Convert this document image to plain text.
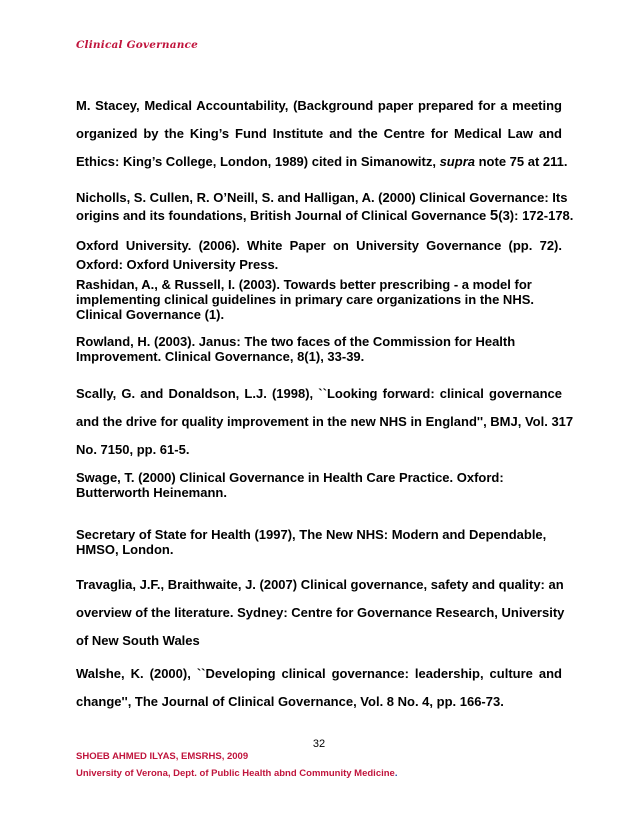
Clinical Governance
M. Stacey, Medical Accountability, (Background paper prepared for a meeting
organized by the King’s Fund Institute and the Centre for Medical Law and
Ethics: King’s College, London, 1989) cited in Simanowitz, supra note 75 at 211.
Nicholls, S. Cullen, R. O’Neill, S. and Halligan, A. (2000) Clinical Governance: Its
origins and its foundations, British Journal of Clinical Governance 5(3): 172-178.
Oxford University. (2006). White Paper on University Governance (pp. 72).
Oxford: Oxford University Press.
Rashidan, A., & Russell, I. (2003). Towards better prescribing - a model for
implementing clinical guidelines in primary care organizations in the NHS.
Clinical Governance (1).
Rowland, H. (2003). Janus: The two faces of the Commission for Health
Improvement. Clinical Governance, 8(1), 33-39.
Scally, G. and Donaldson, L.J. (1998), ``Looking forward: clinical governance
and the drive for quality improvement in the new NHS in England'', BMJ, Vol. 317
No. 7150, pp. 61-5.
Swage, T. (2000) Clinical Governance in Health Care Practice. Oxford:
Butterworth Heinemann.
Secretary of State for Health (1997), The New NHS: Modern and Dependable,
HMSO, London.
Travaglia, J.F., Braithwaite, J. (2007) Clinical governance, safety and quality: an
overview of the literature. Sydney: Centre for Governance Research, University
of New South Wales
Walshe, K. (2000), ``Developing clinical governance: leadership, culture and
change'', The Journal of Clinical Governance, Vol. 8 No. 4, pp. 166-73.
32
SHOEB AHMED ILYAS, EMSRHS, 2009
University of Verona, Dept. of Public Health abnd Community Medicine.
